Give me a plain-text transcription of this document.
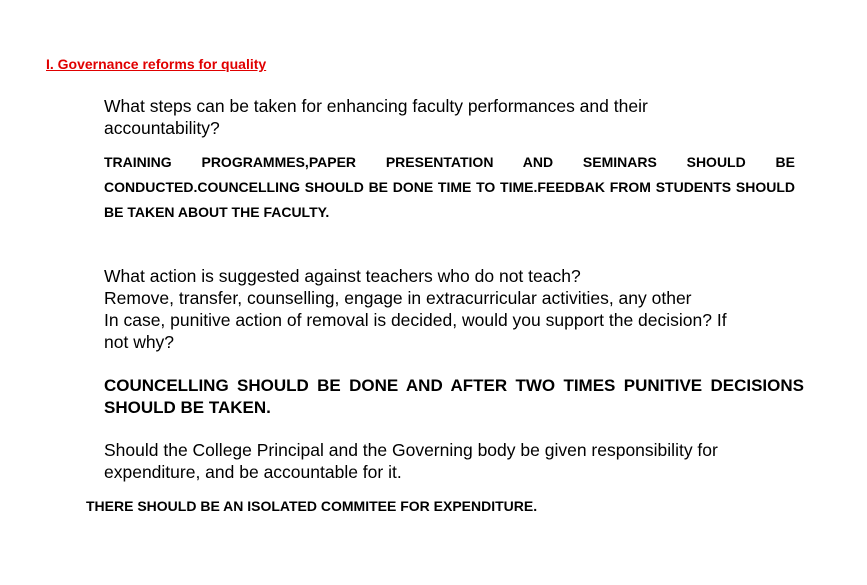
I. Governance reforms for quality
What steps can be taken for enhancing faculty performances and their
accountability?
TRAINING PROGRAMMES,PAPER PRESENTATION AND SEMINARS SHOULD BE CONDUCTED.COUNCELLING SHOULD BE DONE TIME TO TIME.FEEDBAK FROM STUDENTS SHOULD BE TAKEN ABOUT THE FACULTY.
What action is suggested against teachers who do not teach?
Remove, transfer, counselling, engage in extracurricular activities, any other
In case, punitive action of removal is decided, would you support the decision? If
not why?
COUNCELLING SHOULD BE DONE AND AFTER TWO TIMES PUNITIVE DECISIONS SHOULD BE TAKEN.
Should the College Principal and the Governing body be given responsibility for
expenditure, and be accountable for it.
THERE SHOULD BE AN ISOLATED COMMITEE FOR EXPENDITURE.
